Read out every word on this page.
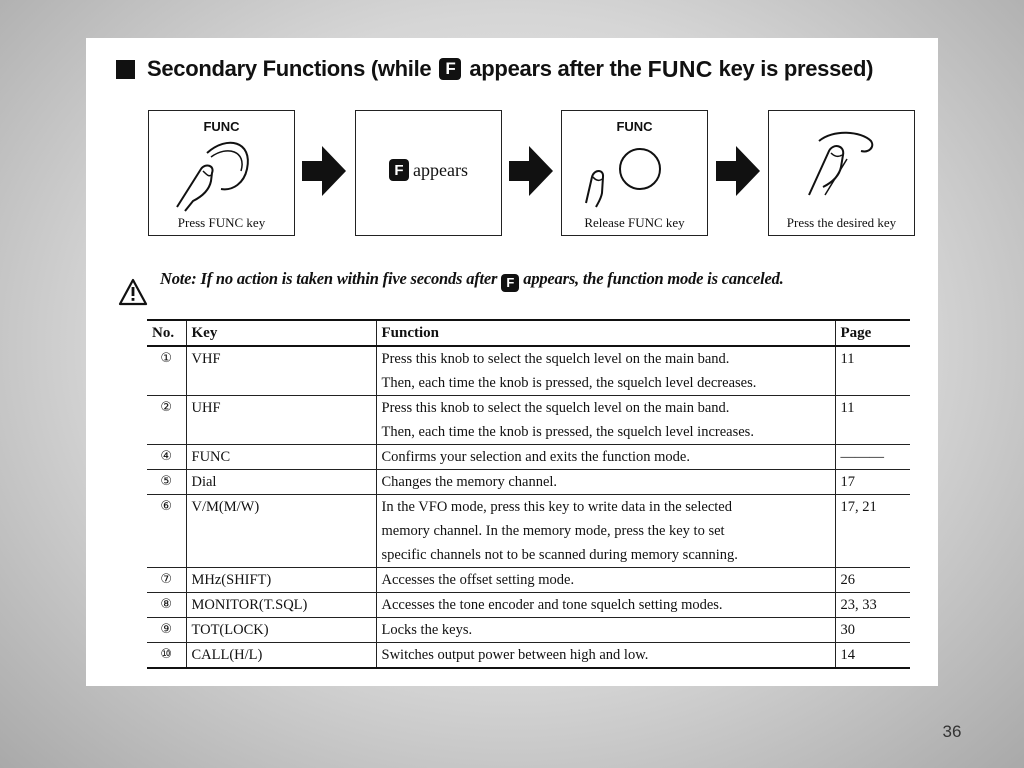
Secondary Functions (while F appears after the FUNC key is pressed)
FUNC
Press FUNC key
F appears
FUNC
Release FUNC key	Press the desired key
Note: If no action is taken within five seconds after F appears, the function mode is canceled.
No.	Key	Function	Page
①	VHF	Press this knob to select the squelch level on the main band.
Then, each time the knob is pressed, the squelch level decreases.	11
②	UHF	Press this knob to select the squelch level on the main band.
Then, each time the knob is pressed, the squelch level increases.	11
④	FUNC	Confirms your selection and exits the function mode.	———
⑤	Dial	Changes the memory channel.	17
⑥	V/M(M/W)	In the VFO mode, press this key to write data in the selected
memory channel. In the memory mode, press the key to set
specific channels not to be scanned during memory scanning.	17, 21
⑦	MHz(SHIFT)	Accesses the offset setting mode.	26
⑧	MONITOR(T.SQL)	Accesses the tone encoder and tone squelch setting modes.	23, 33
⑨	TOT(LOCK)	Locks the keys.	30
⑩	CALL(H/L)	Switches output power between high and low.	14
36
